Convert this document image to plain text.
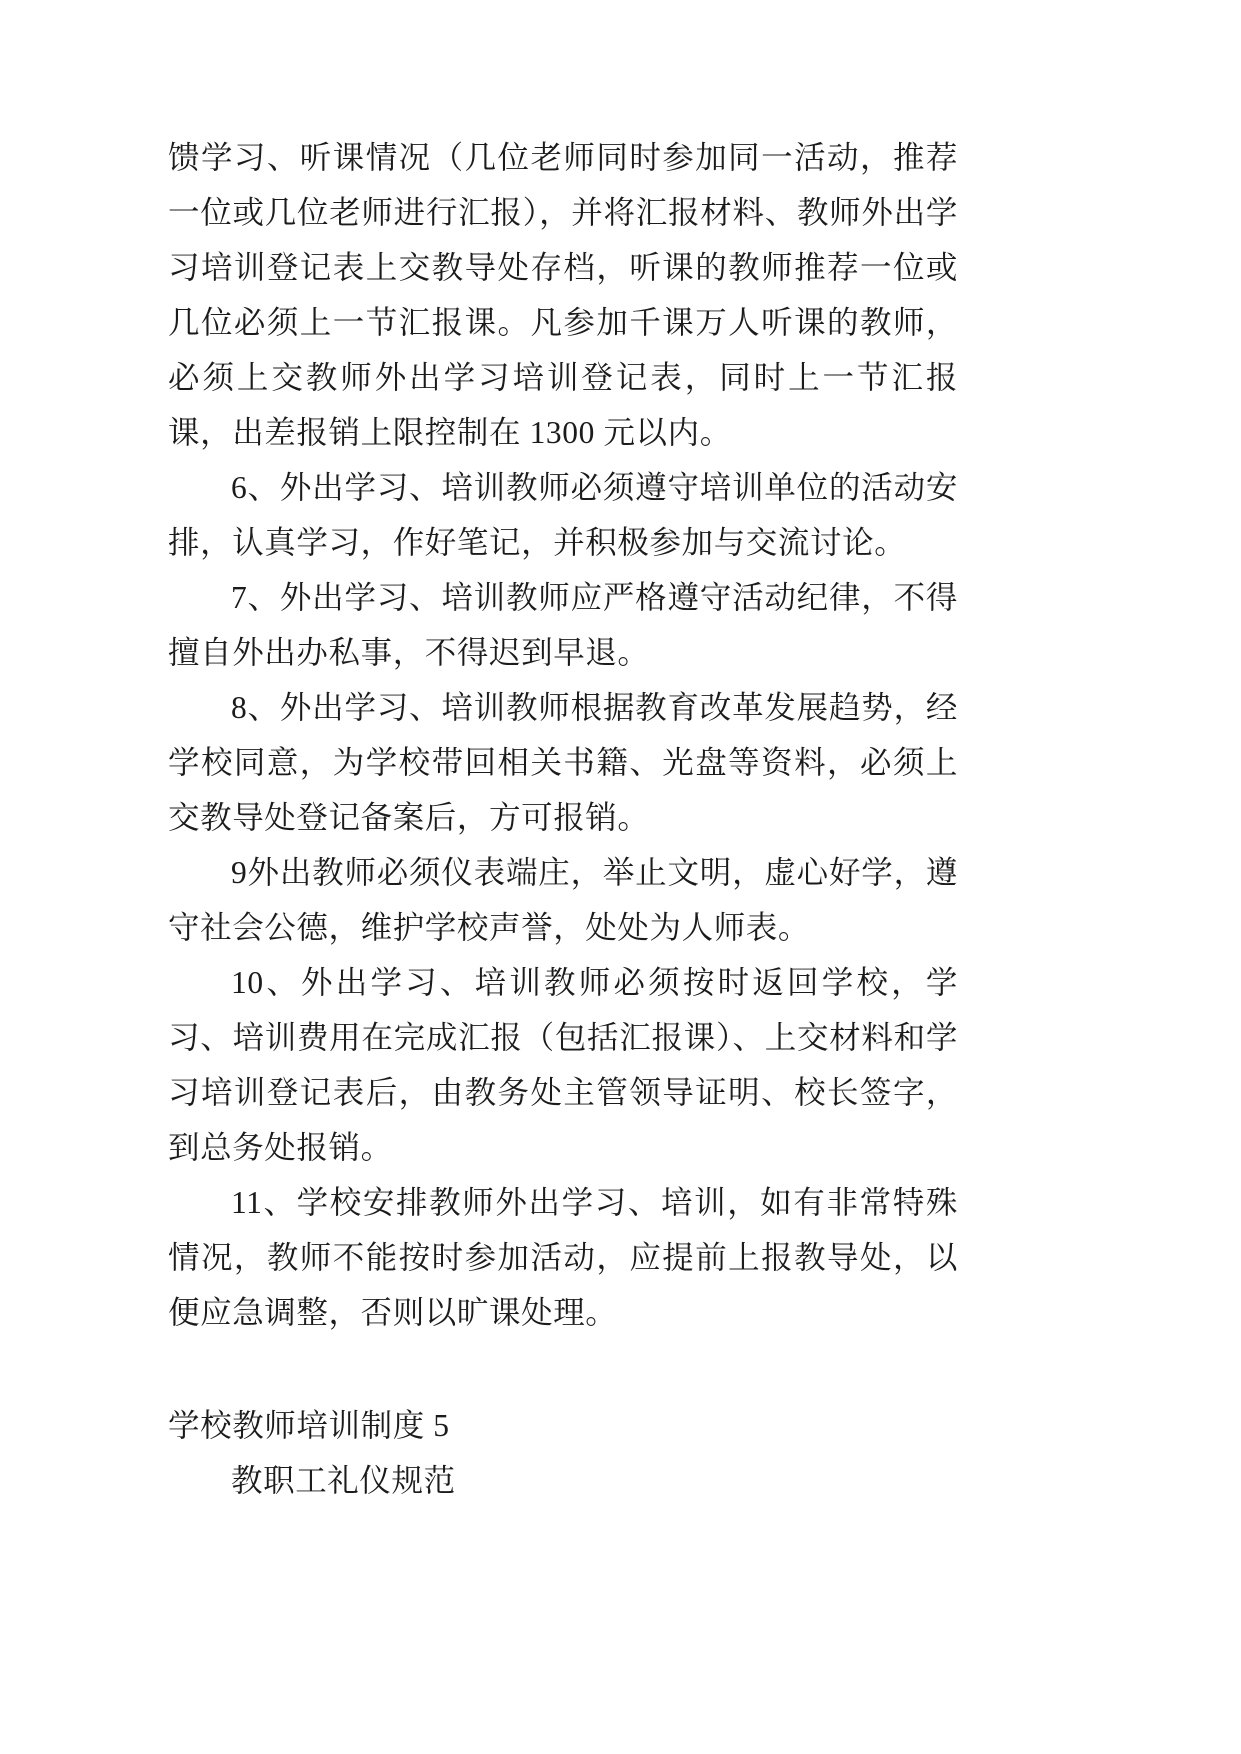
馈学习、听课情况（几位老师同时参加同一活动，推荐一位或几位老师进行汇报），并将汇报材料、教师外出学习培训登记表上交教导处存档，听课的教师推荐一位或几位必须上一节汇报课。凡参加千课万人听课的教师，必须上交教师外出学习培训登记表，同时上一节汇报课，出差报销上限控制在 1300 元以内。

6、外出学习、培训教师必须遵守培训单位的活动安排，认真学习，作好笔记，并积极参加与交流讨论。

7、外出学习、培训教师应严格遵守活动纪律，不得擅自外出办私事，不得迟到早退。

8、外出学习、培训教师根据教育改革发展趋势，经学校同意，为学校带回相关书籍、光盘等资料，必须上交教导处登记备案后，方可报销。

9外出教师必须仪表端庄，举止文明，虚心好学，遵守社会公德，维护学校声誉，处处为人师表。

10、外出学习、培训教师必须按时返回学校，学习、培训费用在完成汇报（包括汇报课）、上交材料和学习培训登记表后，由教务处主管领导证明、校长签字，到总务处报销。

11、学校安排教师外出学习、培训，如有非常特殊情况，教师不能按时参加活动，应提前上报教导处，以便应急调整，否则以旷课处理。

学校教师培训制度 5
教职工礼仪规范
